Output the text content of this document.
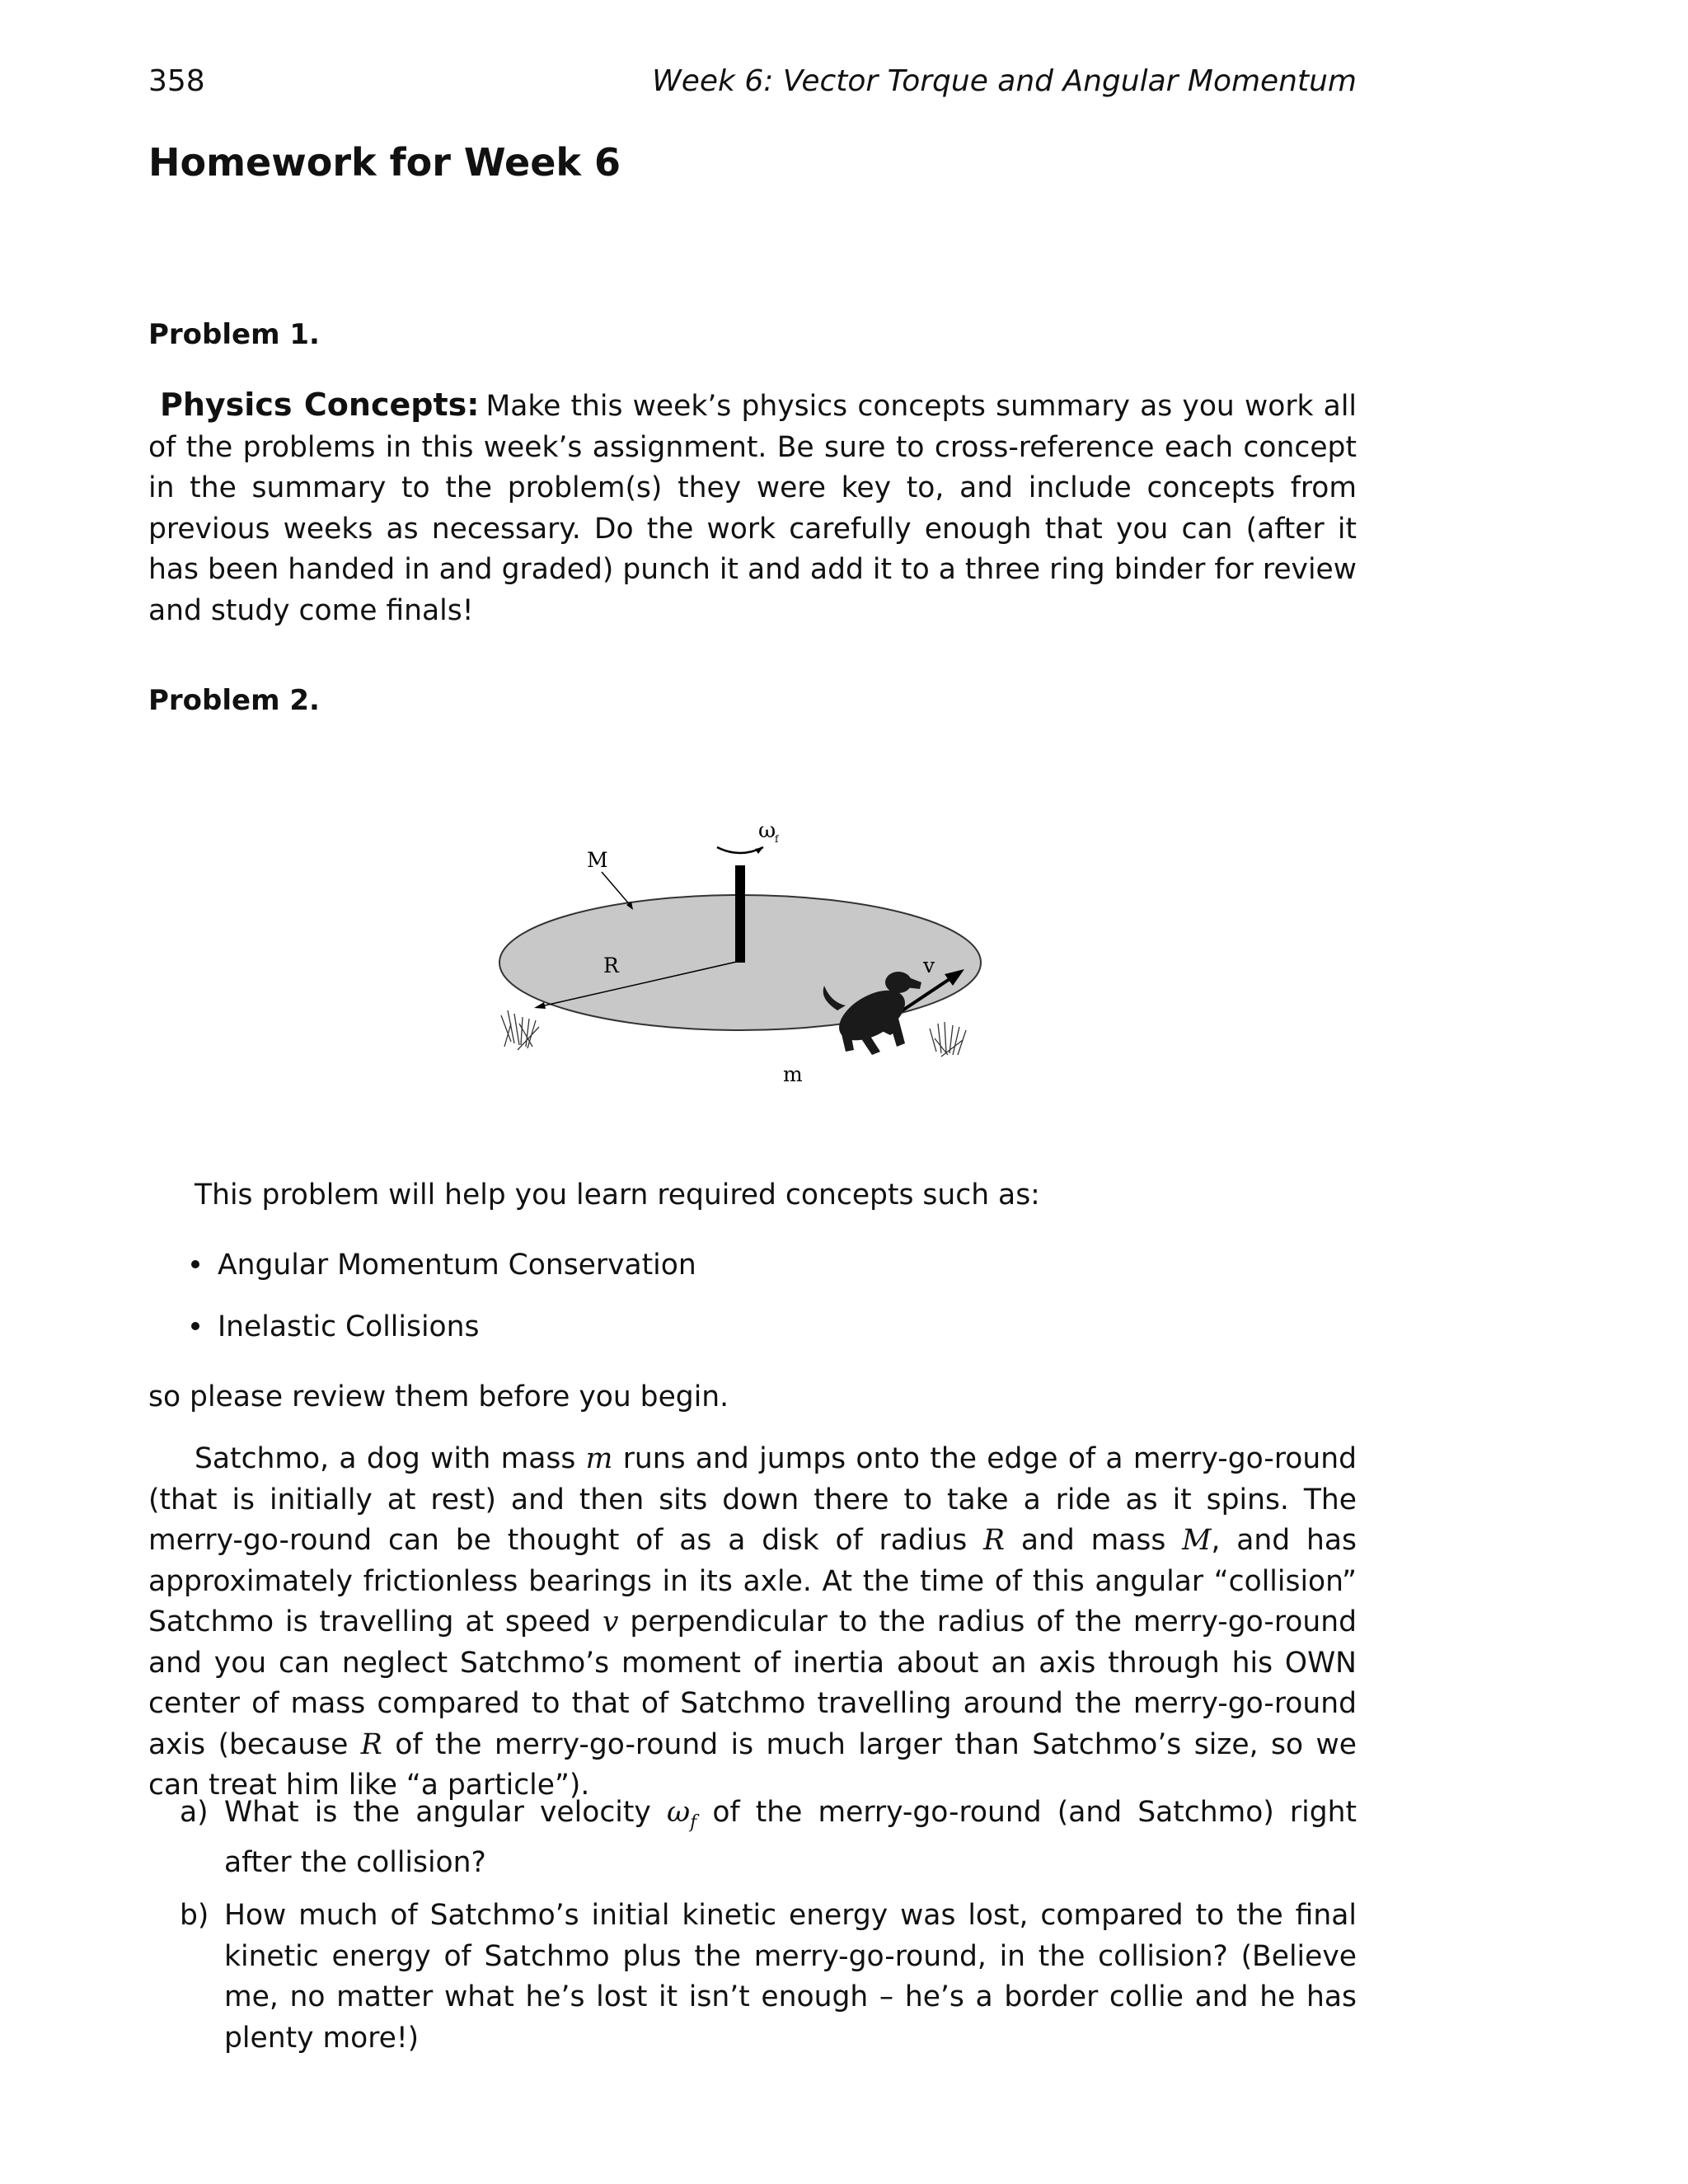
358	Week 6: Vector Torque and Angular Momentum
Homework for Week 6
Problem 1.
Physics Concepts: Make this week’s physics concepts summary as you work all of the problems in this week’s assignment. Be sure to cross-reference each concept in the summary to the problem(s) they were key to, and include concepts from previous weeks as necessary. Do the work carefully enough that you can (after it has been handed in and graded) punch it and add it to a three ring binder for review and study come finals!
Problem 2.
ω
f
M
R	v
m
This problem will help you learn required concepts such as:
Angular Momentum Conservation
Inelastic Collisions
so please review them before you begin.
Satchmo, a dog with mass m runs and jumps onto the edge of a merry-go-round (that is initially at rest) and then sits down there to take a ride as it spins. The merry-go-round can be thought of as a disk of radius R and mass M, and has approximately frictionless bearings in its axle. At the time of this angular “collision” Satchmo is travelling at speed v perpendicular to the radius of the merry-go-round and you can neglect Satchmo’s moment of inertia about an axis through his OWN center of mass compared to that of Satchmo travelling around the merry-go-round axis (because R of the merry-go-round is much larger than Satchmo’s size, so we can treat him like “a particle”).
a) What is the angular velocity $\omega_f$ of the merry-go-round (and Satchmo) right after the collision?
b) How much of Satchmo’s initial kinetic energy was lost, compared to the final kinetic energy of Satchmo plus the merry-go-round, in the collision? (Believe me, no matter what he’s lost it isn’t enough – he’s a border collie and he has plenty more!)
